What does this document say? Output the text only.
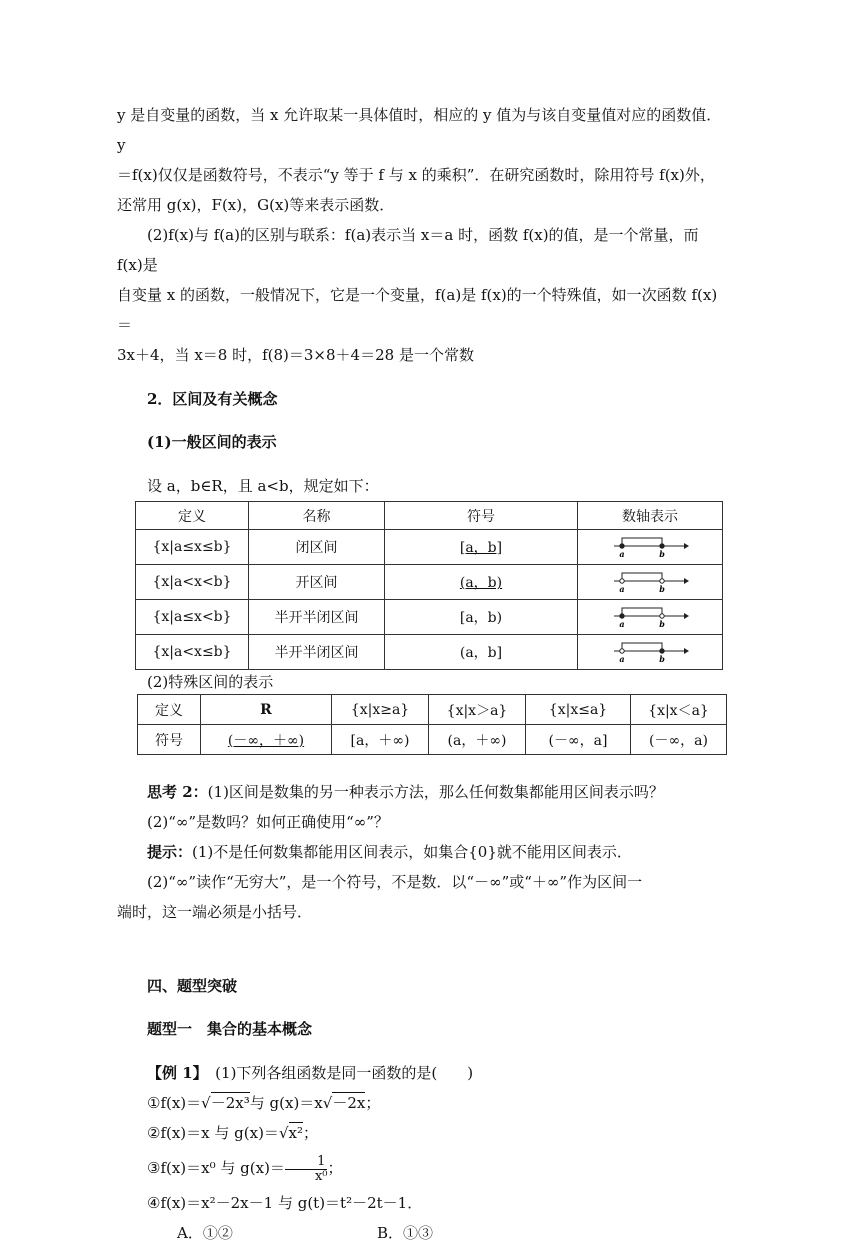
y 是自变量的函数，当 x 允许取某一具体值时，相应的 y 值为与该自变量值对应的函数值．y

＝f(x)仅仅是函数符号，不表示“y 等于 f 与 x 的乘积”．在研究函数时，除用符号 f(x)外，

还常用 g(x)，F(x)，G(x)等来表示函数．

(2)f(x)与 f(a)的区别与联系：f(a)表示当 x＝a 时，函数 f(x)的值，是一个常量，而 f(x)是

自变量 x 的函数，一般情况下，它是一个变量，f(a)是 f(x)的一个特殊值，如一次函数 f(x)＝

3x＋4，当 x＝8 时，f(8)＝3×8＋4＝28 是一个常数

2．区间及有关概念

(1)一般区间的表示

设 a，b∈R，且 a<b，规定如下：

定义	名称	符号	数轴表示
{x|a≤x≤b}	闭区间	[a，b]	a b

{x|a<x<b}	开区间	(a，b)	a b

{x|a≤x<b}	半开半闭区间	[a，b)	a b

{x|a<x≤b}	半开半闭区间	(a，b]	a b

(2)特殊区间的表示

定义	R	{x|x≥a}	{x|x＞a}	{x|x≤a}	{x|x＜a}
符号	(－∞，＋∞)	[a，＋∞)	(a，＋∞)	(－∞，a]	(－∞，a)

思考 2：(1)区间是数集的另一种表示方法，那么任何数集都能用区间表示吗？

(2)“∞”是数吗？如何正确使用“∞”？

提示：(1)不是任何数集都能用区间表示，如集合{0}就不能用区间表示．

(2)“∞”读作“无穷大”，是一个符号，不是数．以“－∞”或“＋∞”作为区间一

端时，这一端必须是小括号．

四、题型突破

题型一　集合的基本概念

【例 1】　(1)下列各组函数是同一函数的是(　　)

①f(x)＝√－2x³与 g(x)＝x√－2x；

②f(x)＝x 与 g(x)＝√x²；

③f(x)＝x⁰ 与 $g(x)= \frac{1}{\text{x⁰}}$ ；

④f(x)＝x²－2x－1 与 g(t)＝t²－2t－1．

A．①②	B．①③
